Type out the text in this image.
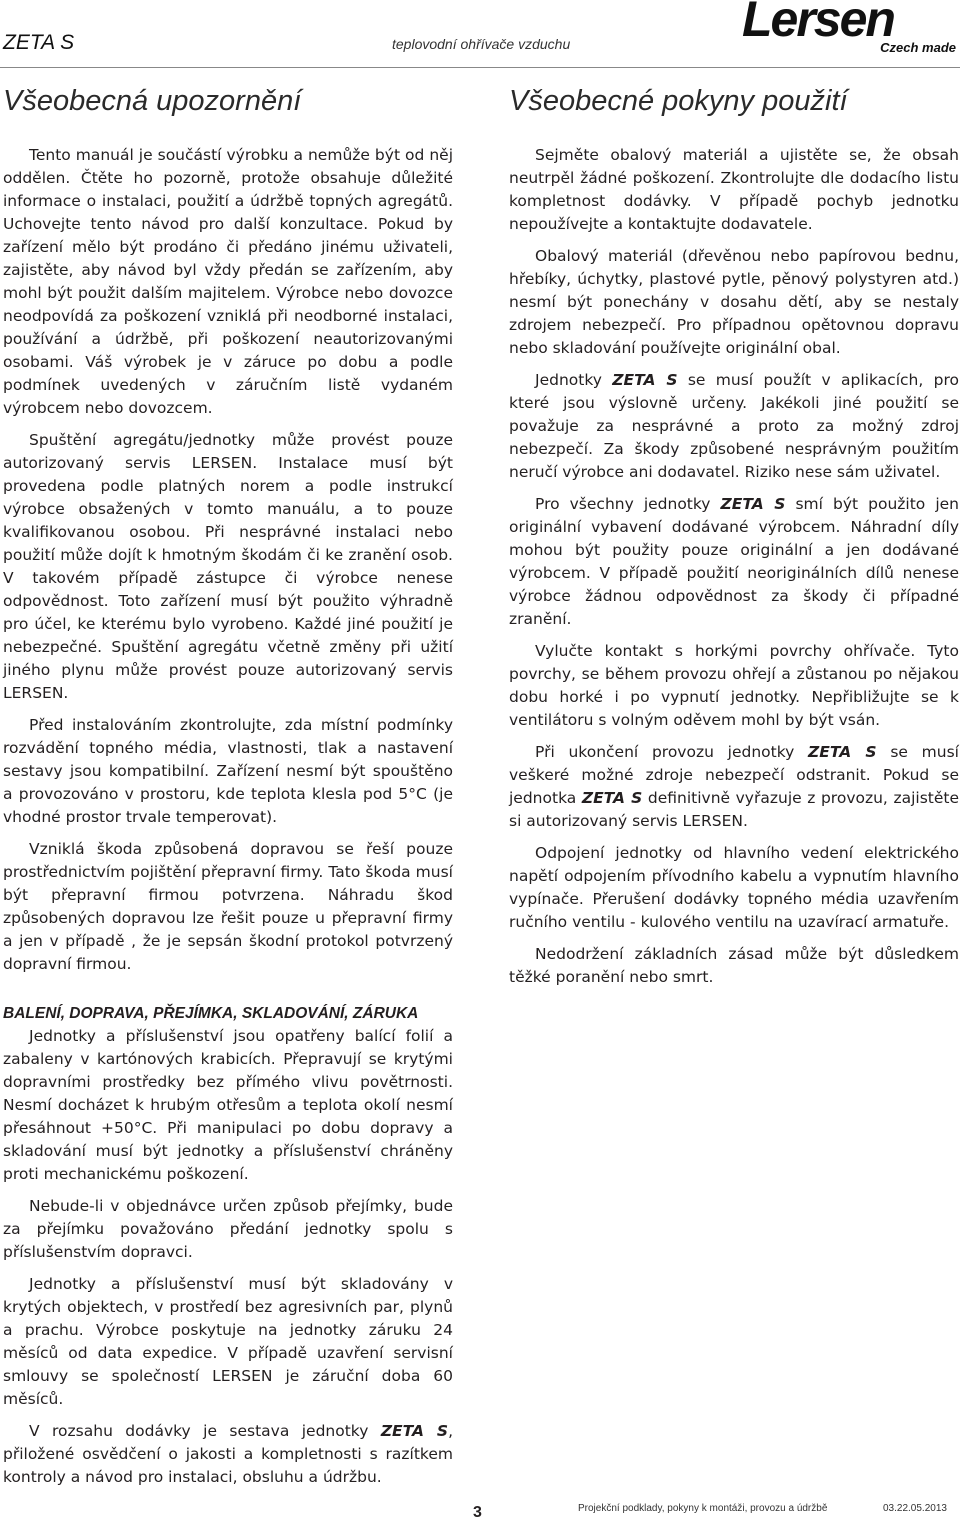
ZETA S	teplovodní ohřívače vzduchu	Lersen
Czech made
Všeobecná upozornění

Tento manuál je součástí výrobku a nemůže být od něj oddělen. Čtěte ho pozorně, protože obsahuje důležité informace o instalaci, použití a údržbě topných agregátů. Uchovejte tento návod pro další konzultace. Pokud by zařízení mělo být prodáno či předáno jinému uživateli, zajistěte, aby návod byl vždy předán se zařízením, aby mohl být použit dalším majitelem. Výrobce nebo dovozce neodpovídá za poškození vzniklá při neodborné instalaci, používání a údržbě, při poškození neautorizovanými osobami. Váš výrobek je v záruce po dobu a podle podmínek uvedených v záručním listě vydaném výrobcem nebo dovozcem.

Spuštění agregátu/jednotky může provést pouze autorizovaný servis LERSEN. Instalace musí být provedena podle platných norem a podle instrukcí výrobce obsažených v tomto manuálu, a to pouze kvalifikovanou osobou. Při nesprávné instalaci nebo použití může dojít k hmotným škodám či ke zranění osob. V takovém případě zástupce či výrobce nenese odpovědnost. Toto zařízení musí být použito výhradně pro účel, ke kterému bylo vyrobeno. Každé jiné použití je nebezpečné. Spuštění agregátu včetně změny při užití jiného plynu může provést pouze autorizovaný servis LERSEN.

Před instalováním zkontrolujte, zda místní podmínky rozvádění topného média, vlastnosti, tlak a nastavení sestavy jsou kompatibilní. Zařízení nesmí být spouštěno a provozováno v prostoru, kde teplota klesla pod 5°C (je vhodné prostor trvale temperovat).

Vzniklá škoda způsobená dopravou se řeší pouze prostřednictvím pojištění přepravní firmy. Tato škoda musí být přepravní firmou potvrzena. Náhradu škod způsobených dopravou lze řešit pouze u přepravní firmy a jen v případě , že je sepsán škodní protokol potvrzený dopravní firmou.

BALENÍ, DOPRAVA, PŘEJÍMKA, SKLADOVÁNÍ, ZÁRUKA

Jednotky a příslušenství jsou opatřeny balící folií a zabaleny v kartónových krabicích. Přepravují se krytými dopravními prostředky bez přímého vlivu povětrnosti. Nesmí docházet k hrubým otřesům a teplota okolí nesmí přesáhnout +50°C. Při manipulaci po dobu dopravy a skladování musí být jednotky a příslušenství chráněny proti mechanickému poškození.

Nebude-li v objednávce určen způsob přejímky, bude za přejímku považováno předání jednotky spolu s příslušenstvím dopravci.

Jednotky a příslušenství musí být skladovány v krytých objektech, v prostředí bez agresivních par, plynů a prachu. Výrobce poskytuje na jednotky záruku 24 měsíců od data expedice. V případě uzavření servisní smlouvy se společností LERSEN je záruční doba 60 měsíců.

V rozsahu dodávky je sestava jednotky ZETA S, přiložené osvědčení o jakosti a kompletnosti s razítkem kontroly a návod pro instalaci, obsluhu a údržbu.

Všeobecné pokyny použití

Sejměte obalový materiál a ujistěte se, že obsah neutrpěl žádné poškození. Zkontrolujte dle dodacího listu kompletnost dodávky. V případě pochyb jednotku nepoužívejte a kontaktujte dodavatele.

Obalový materiál (dřevěnou nebo papírovou bednu, hřebíky, úchytky, plastové pytle, pěnový polystyren atd.) nesmí být ponechány v dosahu dětí, aby se nestaly zdrojem nebezpečí. Pro případnou opětovnou dopravu nebo skladování používejte originální obal.

Jednotky ZETA S se musí použít v aplikacích, pro které jsou výslovně určeny. Jakékoli jiné použití se považuje za nesprávné a proto za možný zdroj nebezpečí. Za škody způsobené nesprávným použitím neručí výrobce ani dodavatel. Riziko nese sám uživatel.

Pro všechny jednotky ZETA S smí být použito jen originální vybavení dodávané výrobcem. Náhradní díly mohou být použity pouze originální a jen dodávané výrobcem. V případě použití neoriginálních dílů nenese výrobce žádnou odpovědnost za škody či případné zranění.

Vylučte kontakt s horkými povrchy ohřívače. Tyto povrchy, se během provozu ohřejí a zůstanou po nějakou dobu horké i po vypnutí jednotky. Nepřibližujte se k ventilátoru s volným oděvem mohl by být vsán.

Při ukončení provozu jednotky ZETA S se musí veškeré možné zdroje nebezpečí odstranit. Pokud se jednotka ZETA S definitivně vyřazuje z provozu, zajistěte si autorizovaný servis LERSEN.

Odpojení jednotky od hlavního vedení elektrického napětí odpojením přívodního kabelu a vypnutím hlavního vypínače. Přerušení dodávky topného média uzavřením ručního ventilu - kulového ventilu na uzavírací armatuře.

Nedodržení základních zásad může být důsledkem těžké poranění nebo smrt.

3	Projekční podklady, pokyny k montáži, provozu a údržbě	03.22.05.2013
